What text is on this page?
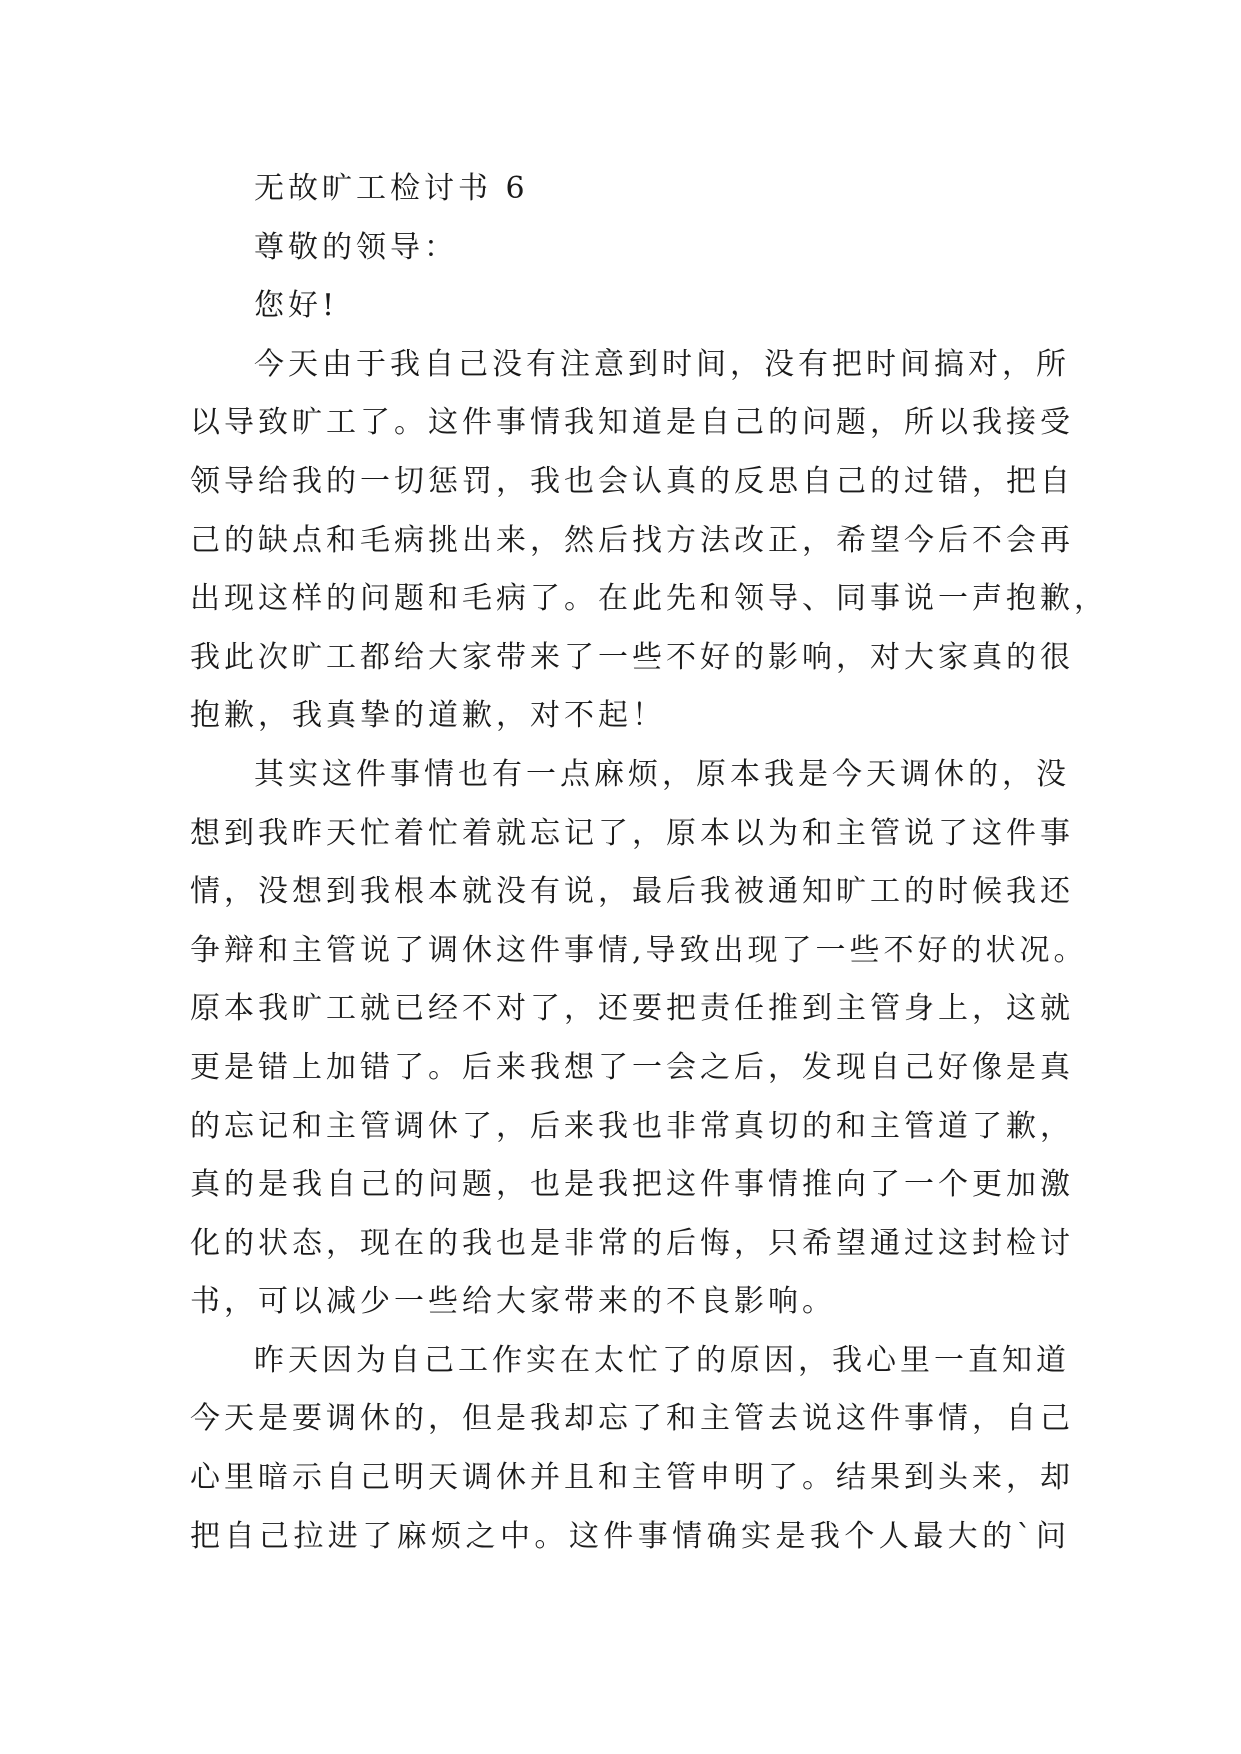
无故旷工检讨书 6
尊敬的领导：
您好!
今天由于我自己没有注意到时间，没有把时间搞对，所
以导致旷工了。这件事情我知道是自己的问题，所以我接受
领导给我的一切惩罚，我也会认真的反思自己的过错，把自
己的缺点和毛病挑出来，然后找方法改正，希望今后不会再
出现这样的问题和毛病了。在此先和领导、同事说一声抱歉，
我此次旷工都给大家带来了一些不好的影响，对大家真的很
抱歉，我真挚的道歉，对不起！
其实这件事情也有一点麻烦，原本我是今天调休的，没
想到我昨天忙着忙着就忘记了，原本以为和主管说了这件事
情，没想到我根本就没有说，最后我被通知旷工的时候我还
争辩和主管说了调休这件事情,导致出现了一些不好的状况。
原本我旷工就已经不对了，还要把责任推到主管身上，这就
更是错上加错了。后来我想了一会之后，发现自己好像是真
的忘记和主管调休了，后来我也非常真切的和主管道了歉，
真的是我自己的问题，也是我把这件事情推向了一个更加激
化的状态，现在的我也是非常的后悔，只希望通过这封检讨
书，可以减少一些给大家带来的不良影响。
昨天因为自己工作实在太忙了的原因，我心里一直知道
今天是要调休的，但是我却忘了和主管去说这件事情，自己
心里暗示自己明天调休并且和主管申明了。结果到头来，却
把自己拉进了麻烦之中。这件事情确实是我个人最大的`问
